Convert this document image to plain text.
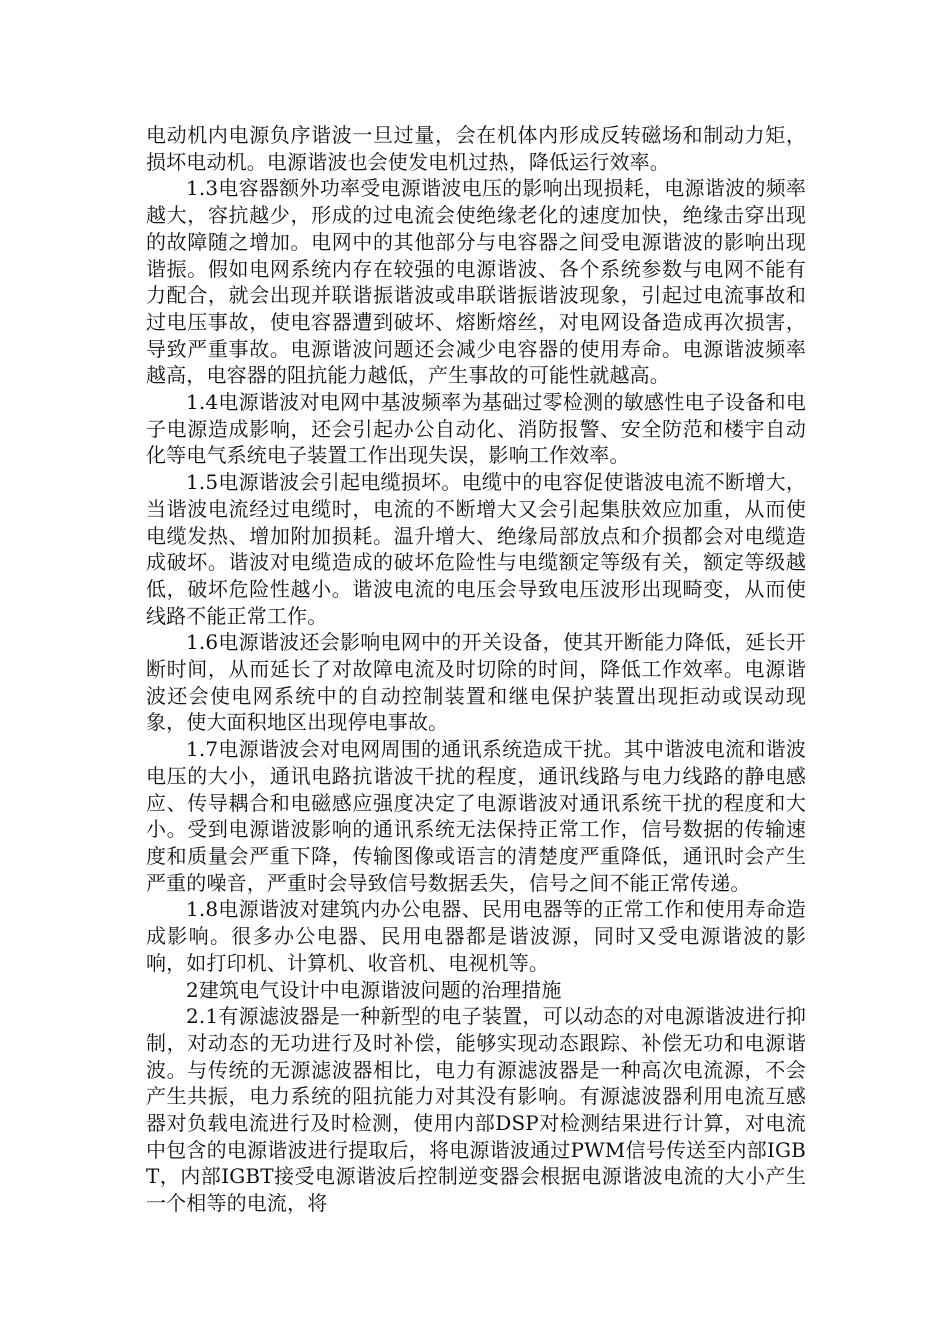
电动机内电源负序谐波一旦过量，会在机体内形成反转磁场和制动力矩，损坏电动机。电源谐波也会使发电机过热，降低运行效率。

1.3电容器额外功率受电源谐波电压的影响出现损耗，电源谐波的频率越大，容抗越少，形成的过电流会使绝缘老化的速度加快，绝缘击穿出现的故障随之增加。电网中的其他部分与电容器之间受电源谐波的影响出现谐振。假如电网系统内存在较强的电源谐波、各个系统参数与电网不能有力配合，就会出现并联谐振谐波或串联谐振谐波现象，引起过电流事故和过电压事故，使电容器遭到破坏、熔断熔丝，对电网设备造成再次损害，导致严重事故。电源谐波问题还会减少电容器的使用寿命。电源谐波频率越高，电容器的阻抗能力越低，产生事故的可能性就越高。

1.4电源谐波对电网中基波频率为基础过零检测的敏感性电子设备和电子电源造成影响，还会引起办公自动化、消防报警、安全防范和楼宇自动化等电气系统电子装置工作出现失误，影响工作效率。

1.5电源谐波会引起电缆损坏。电缆中的电容促使谐波电流不断增大，当谐波电流经过电缆时，电流的不断增大又会引起集肤效应加重，从而使电缆发热、增加附加损耗。温升增大、绝缘局部放点和介损都会对电缆造成破坏。谐波对电缆造成的破坏危险性与电缆额定等级有关，额定等级越低，破坏危险性越小。谐波电流的电压会导致电压波形出现畸变，从而使线路不能正常工作。

1.6电源谐波还会影响电网中的开关设备，使其开断能力降低，延长开断时间，从而延长了对故障电流及时切除的时间，降低工作效率。电源谐波还会使电网系统中的自动控制装置和继电保护装置出现拒动或误动现象，使大面积地区出现停电事故。

1.7电源谐波会对电网周围的通讯系统造成干扰。其中谐波电流和谐波电压的大小，通讯电路抗谐波干扰的程度，通讯线路与电力线路的静电感应、传导耦合和电磁感应强度决定了电源谐波对通讯系统干扰的程度和大小。受到电源谐波影响的通讯系统无法保持正常工作，信号数据的传输速度和质量会严重下降，传输图像或语言的清楚度严重降低，通讯时会产生严重的噪音，严重时会导致信号数据丢失，信号之间不能正常传递。

1.8电源谐波对建筑内办公电器、民用电器等的正常工作和使用寿命造成影响。很多办公电器、民用电器都是谐波源，同时又受电源谐波的影响，如打印机、计算机、收音机、电视机等。

2建筑电气设计中电源谐波问题的治理措施

2.1有源滤波器是一种新型的电子装置，可以动态的对电源谐波进行抑制，对动态的无功进行及时补偿，能够实现动态跟踪、补偿无功和电源谐波。与传统的无源滤波器相比，电力有源滤波器是一种高次电流源，不会产生共振，电力系统的阻抗能力对其没有影响。有源滤波器利用电流互感器对负载电流进行及时检测，使用内部DSP对检测结果进行计算，对电流中包含的电源谐波进行提取后，将电源谐波通过PWM信号传送至内部IGBT，内部IGBT接受电源谐波后控制逆变器会根据电源谐波电流的大小产生一个相等的电流，将
